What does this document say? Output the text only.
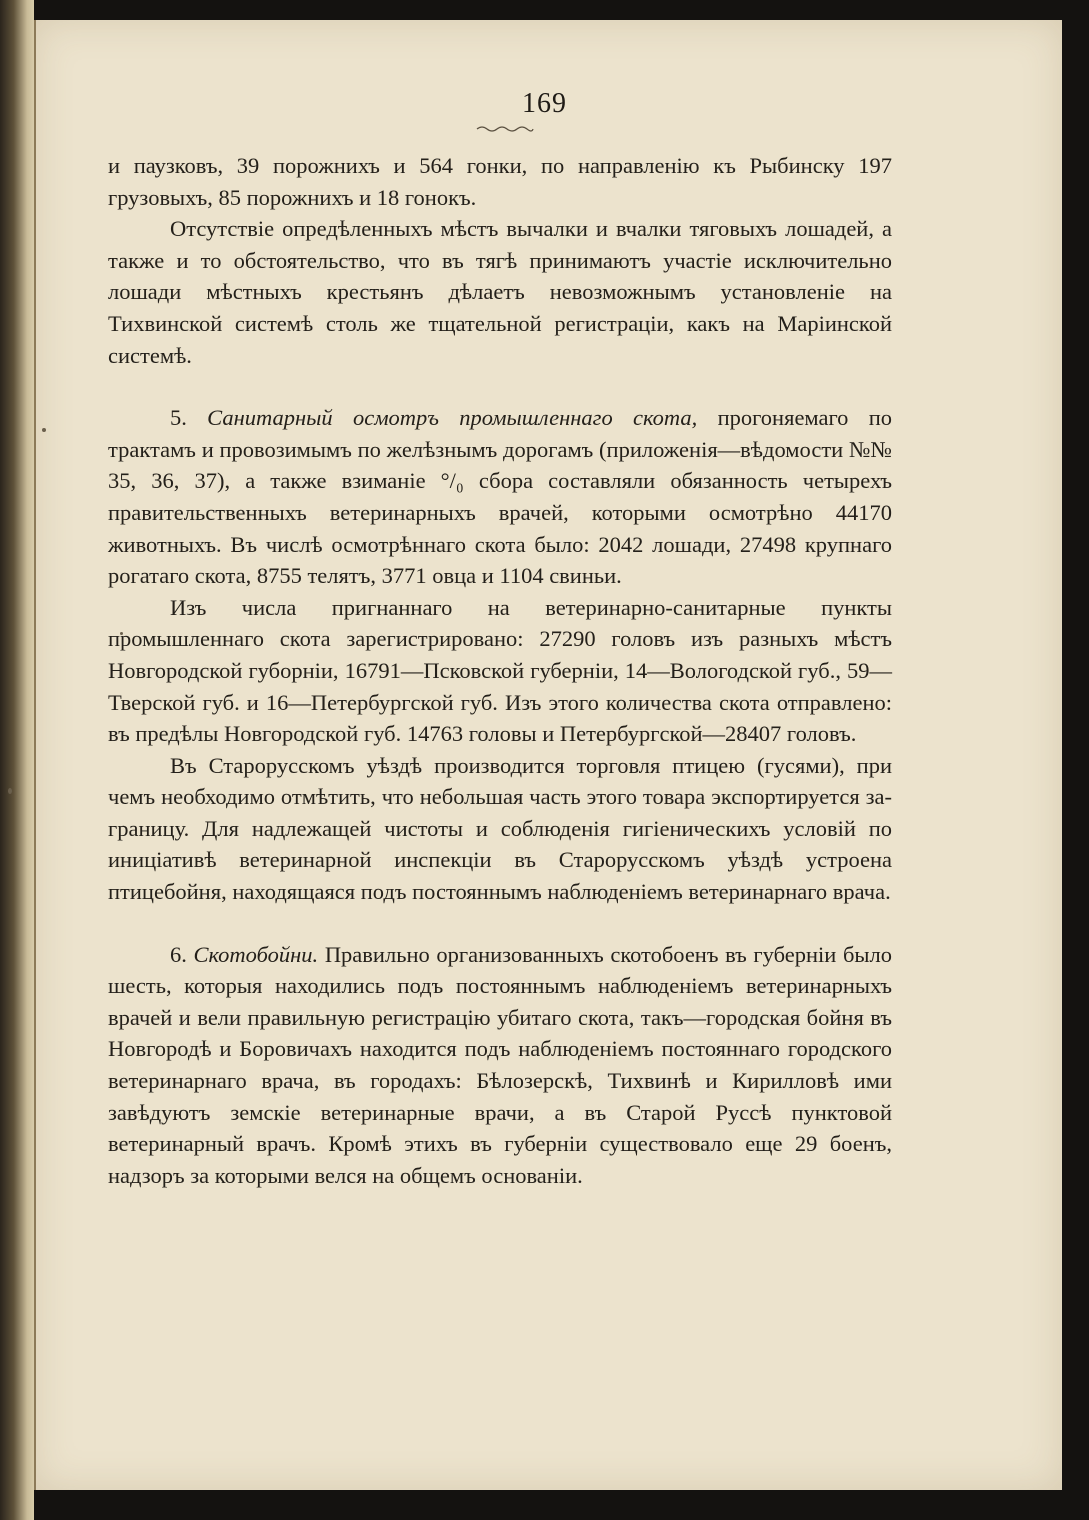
169

и паузковъ, 39 порожнихъ и 564 гонки, по направленію къ Рыбинску 197 грузовыхъ, 85 порожнихъ и 18 гонокъ.

Отсутствіе опредѣленныхъ мѣстъ вычалки и вчалки тяговыхъ лошадей, а также и то обстоятельство, что въ тягѣ принимаютъ участіе исключительно лошади мѣстныхъ крестьянъ дѣлаетъ невозможнымъ установленіе на Тихвинской системѣ столь же тщательной регистраціи, какъ на Маріинской системѣ.

5. Санитарный осмотръ промышленнаго скота, прогоняемаго по трактамъ и провозимымъ по желѣзнымъ дорогамъ (приложенія—вѣдомости №№ 35, 36, 37), а также взиманіе °/₀ сбора составляли обязанность четырехъ правительственныхъ ветеринарныхъ врачей, которыми осмотрѣно 44170 животныхъ. Въ числѣ осмотрѣннаго скота было: 2042 лошади, 27498 крупнаго рогатаго скота, 8755 телятъ, 3771 овца и 1104 свиньи.

Изъ числа пригнаннаго на ветеринарно-санитарные пункты промышленнаго скота зарегистрировано: 27290 головъ изъ разныхъ мѣстъ Новгородской губорніи, 16791—Псковской губерніи, 14—Вологодской губ., 59—Тверской губ. и 16—Петербургской губ. Изъ этого количества скота отправлено: въ предѣлы Новгородской губ. 14763 головы и Петербургской—28407 головъ.

Въ Старорусскомъ уѣздѣ производится торговля птицею (гусями), при чемъ необходимо отмѣтить, что небольшая часть этого товара экспортируется за-границу. Для надлежащей чистоты и соблюденія гигіеническихъ условій по иниціативѣ ветеринарной инспекціи въ Старорусскомъ уѣздѣ устроена птицебойня, находящаяся подъ постояннымъ наблюденіемъ ветеринарнаго врача.

6. Скотобойни. Правильно организованныхъ скотобоенъ въ губерніи было шесть, которыя находились подъ постояннымъ наблюденіемъ ветеринарныхъ врачей и вели правильную регистрацію убитаго скота, такъ—городская бойня въ Новгородѣ и Боровичахъ находится подъ наблюденіемъ постояннаго городского ветеринарнаго врача, въ городахъ: Бѣлозерскѣ, Тихвинѣ и Кирилловѣ ими завѣдуютъ земскіе ветеринарные врачи, а въ Старой Руссѣ пунктовой ветеринарный врачъ. Кромѣ этихъ въ губерніи существовало еще 29 боенъ, надзоръ за которыми велся на общемъ основаніи.
